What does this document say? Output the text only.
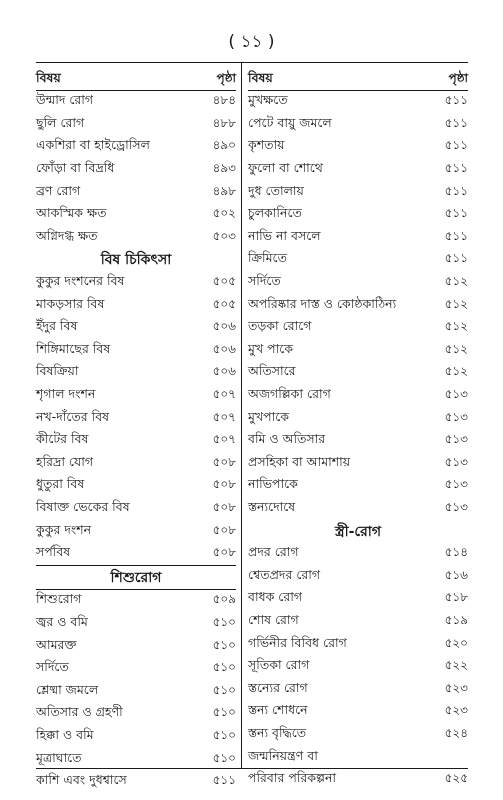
( ১১ )
বিষয়	পৃষ্ঠা
উন্মাদ রোগ	৪৮৪
ছুলি রোগ	৪৮৮
একশিরা বা হাইড্রোসিল	৪৯০
ফোঁড়া বা বিদ্রধি	৪৯৩
ব্রণ রোগ	৪৯৮
আকস্মিক ক্ষত	৫০২
অগ্নিদগ্ধ ক্ষত	৫০৩
বিষ চিকিৎসা
কুকুর দংশনের বিষ	৫০৫
মাকড়সার বিষ	৫০৫
ইঁদুর বিষ	৫০৬
শিঙ্গিমাছের বিষ	৫০৬
বিষক্রিয়া	৫০৬
শৃগাল দংশন	৫০৭
নখ-দাঁতের বিষ	৫০৭
কীটের বিষ	৫০৭
হরিদ্রা যোগ	৫০৮
ধুতুরা বিষ	৫০৮
বিষাক্ত ভেকের বিষ	৫০৮
কুকুর দংশন	৫০৮
সর্পবিষ	৫০৮
শিশুরোগ
শিশুরোগ	৫০৯
জ্বর ও বমি	৫১০
আমরক্ত	৫১০
সর্দিতে	৫১০
শ্লেষ্মা জমলে	৫১০
অতিসার ও গ্রহণী	৫১০
হিক্কা ও বমি	৫১০
মূত্রাঘাতে	৫১০
কাশি এবং দুধশ্বাসে	৫১১
বিষয়	পৃষ্ঠা
মুখক্ষতে	৫১১
পেটে বায়ু জমলে	৫১১
কৃশতায়	৫১১
ফুলো বা শোথে	৫১১
দুধ তোলায়	৫১১
চুলকানিতে	৫১১
নাভি না বসলে	৫১১
ক্রিমিতে	৫১১
সর্দিতে	৫১২
অপরিষ্কার দাস্ত ও কোষ্ঠকাঠিন্য	৫১২
তড়কা রোগে	৫১২
মুখ পাকে	৫১২
অতিসারে	৫১২
অজগল্লিকা রোগ	৫১৩
মুখপাকে	৫১৩
বমি ও অতিসার	৫১৩
প্রসহিকা বা আমাশায়	৫১৩
নাভিপাকে	৫১৩
স্তন্যদোষে	৫১৩
স্ত্রী-রোগ
প্রদর রোগ	৫১৪
শ্বেতপ্রদর রোগ	৫১৬
বাধক রোগ	৫১৮
শোষ রোগ	৫১৯
গর্ভিনীর বিবিধ রোগ	৫২০
সূতিকা রোগ	৫২২
স্তন্যের রোগ	৫২৩
স্তন্য শোধনে	৫২৩
স্তন্য বৃদ্ধিতে	৫২৪
জন্মনিয়ন্ত্রণ বা
পরিবার পরিকল্পনা	৫২৫
